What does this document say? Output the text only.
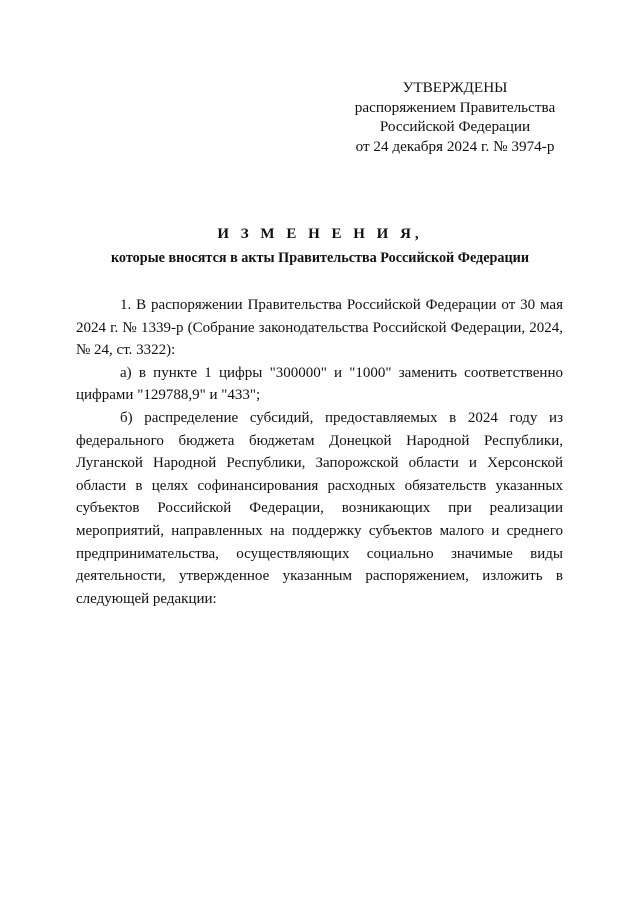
УТВЕРЖДЕНЫ
распоряжением Правительства
Российской Федерации
от 24 декабря 2024 г. № 3974-р
И З М Е Н Е Н И Я,
которые вносятся в акты Правительства Российской Федерации

1. В распоряжении Правительства Российской Федерации от 30 мая 2024 г. № 1339-р (Собрание законодательства Российской Федерации, 2024, № 24, ст. 3322):

а) в пункте 1 цифры "300000" и "1000" заменить соответственно цифрами "129788,9" и "433";

б) распределение субсидий, предоставляемых в 2024 году из федерального бюджета бюджетам Донецкой Народной Республики, Луганской Народной Республики, Запорожской области и Херсонской области в целях софинансирования расходных обязательств указанных субъектов Российской Федерации, возникающих при реализации мероприятий, направленных на поддержку субъектов малого и среднего предпринимательства, осуществляющих социально значимые виды деятельности, утвержденное указанным распоряжением, изложить в следующей редакции:
